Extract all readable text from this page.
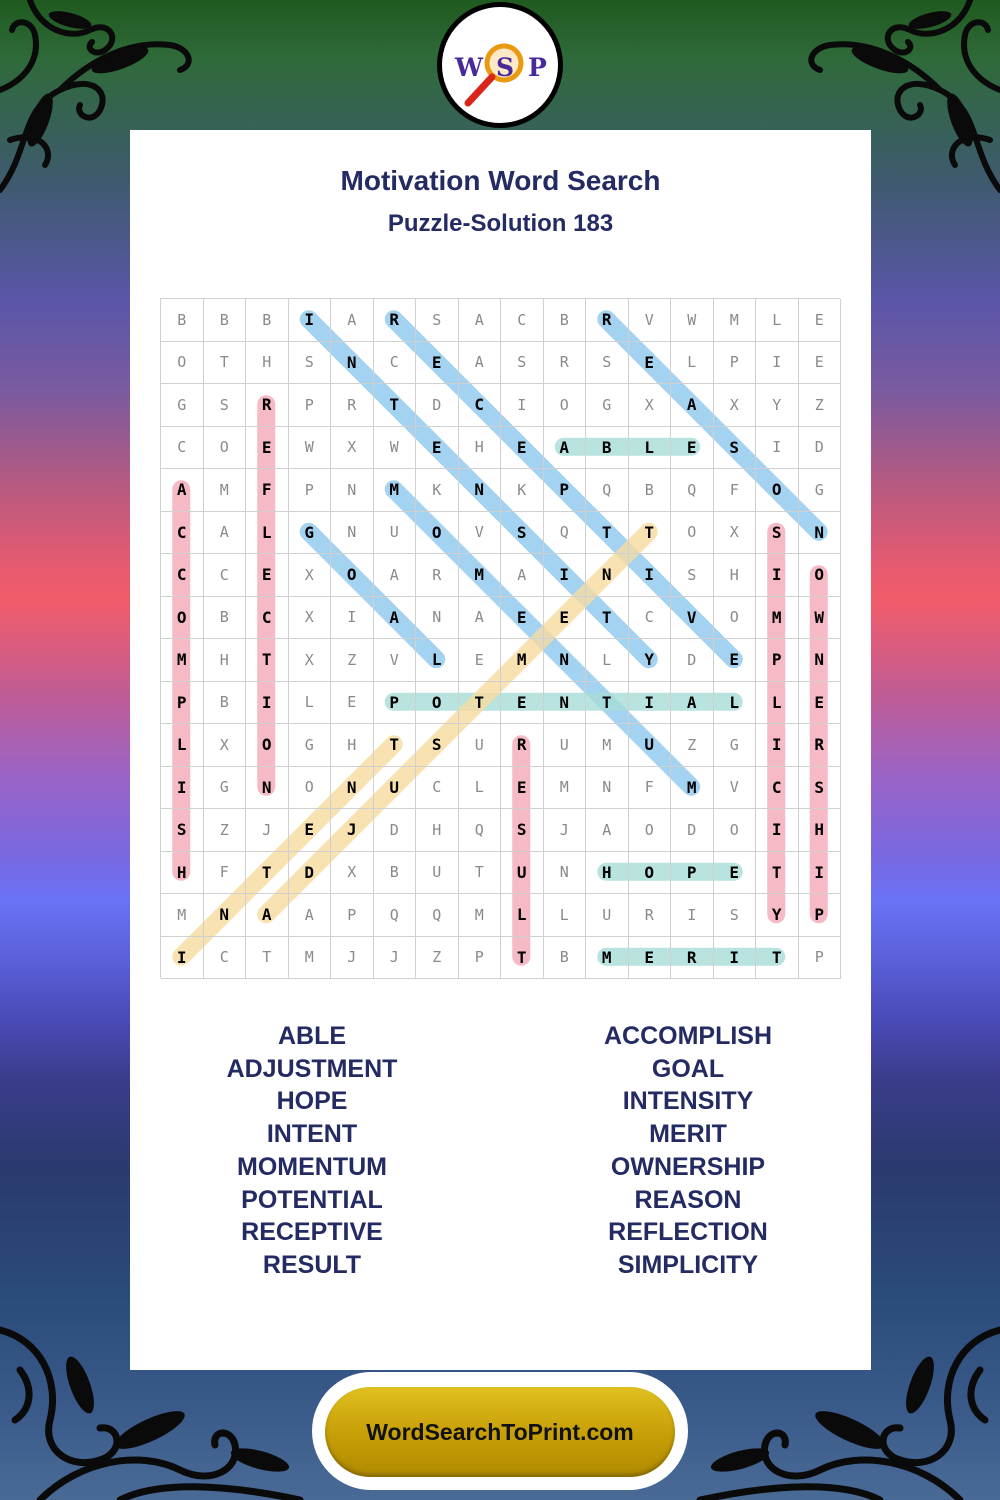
W S P
Motivation Word Search
Puzzle-Solution 183
B	B	B	I	A	R	S	A	C	B	R	V	W	M	L	E
O	T	H	S	N	C	E	A	S	R	S	E	L	P	I	E
G	S	R	P	R	T	D	C	I	O	G	X	A	X	Y	Z
C	O	E	W	X	W	E	H	E	A	B	L	E	S	I	D
A	M	F	P	N	M	K	N	K	P	Q	B	Q	F	O	G
C	A	L	G	N	U	O	V	S	Q	T	T	O	X	S	N
C	C	E	X	O	A	R	M	A	I	N	I	S	H	I	O
O	B	C	X	I	A	N	A	E	E	T	C	V	O	M	W
M	H	T	X	Z	V	L	E	M	N	L	Y	D	E	P	N
P	B	I	L	E	P	O	T	E	N	T	I	A	L	L	E
L	X	O	G	H	T	S	U	R	U	M	U	Z	G	I	R
I	G	N	O	N	U	C	L	E	M	N	F	M	V	C	S
S	Z	J	E	J	D	H	Q	S	J	A	O	D	O	I	H
H	F	T	D	X	B	U	T	U	N	H	O	P	E	T	I
M	N	A	A	P	Q	Q	M	L	L	U	R	I	S	Y	P
I	C	T	M	J	J	Z	P	T	B	M	E	R	I	T	P
ABLE
ADJUSTMENT
HOPE
INTENT
MOMENTUM
POTENTIAL
RECEPTIVE
RESULT
ACCOMPLISH
GOAL
INTENSITY
MERIT
OWNERSHIP
REASON
REFLECTION
SIMPLICITY
WordSearchToPrint.com
